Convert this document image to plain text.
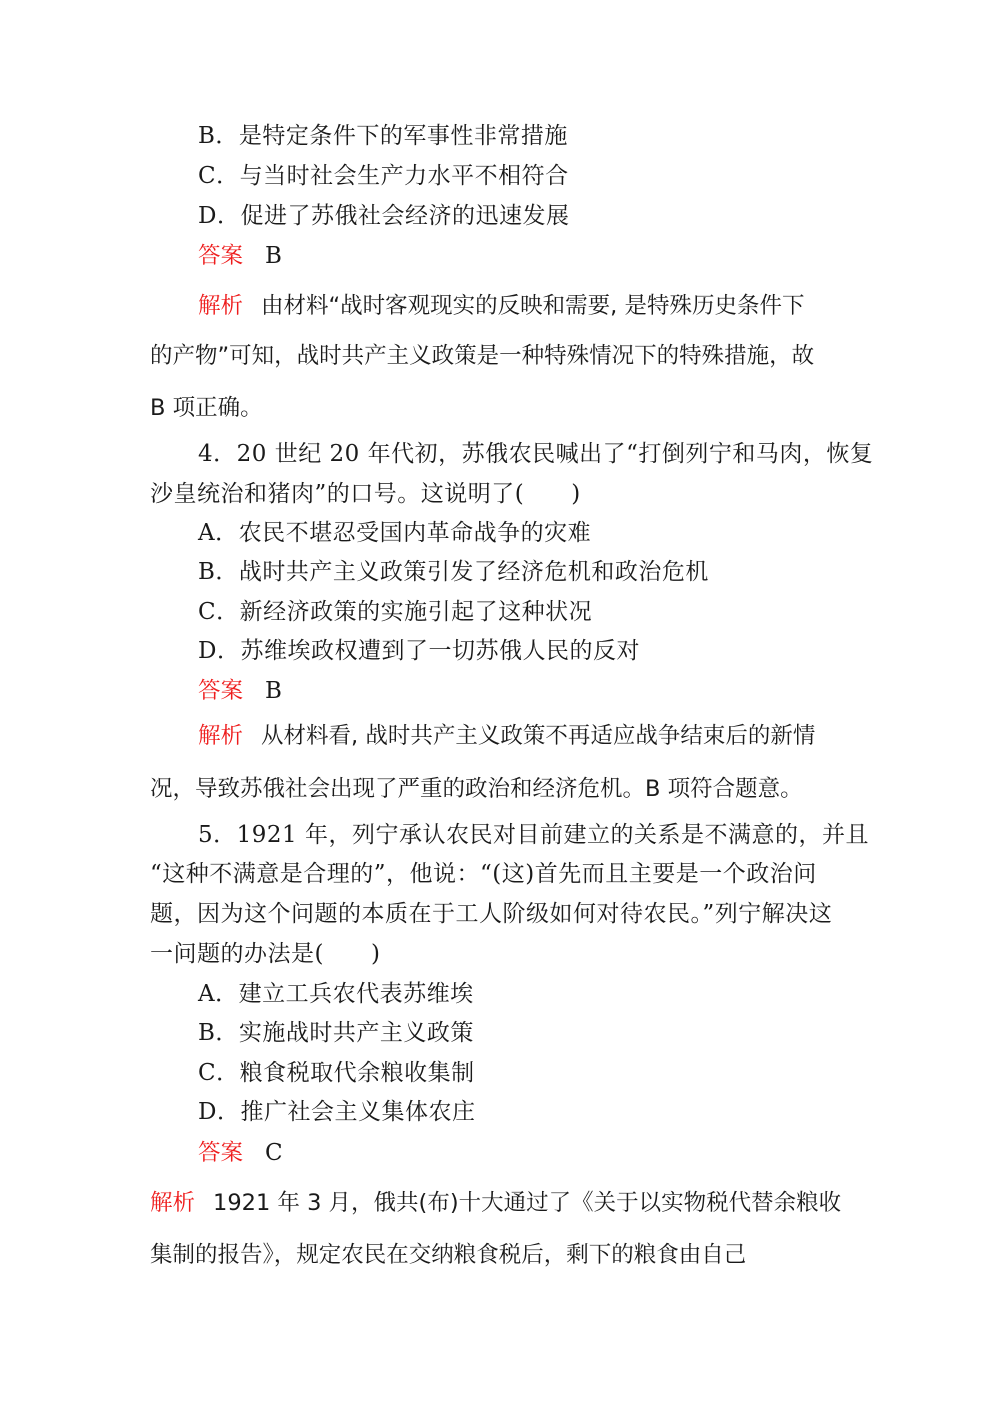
B．是特定条件下的军事性非常措施
C．与当时社会生产力水平不相符合
D．促进了苏俄社会经济的迅速发展
答案 B
解析 由材料“战时客观现实的反映和需要, 是特殊历史条件下
的产物”可知，战时共产主义政策是一种特殊情况下的特殊措施，故
B 项正确。
4．20 世纪 20 年代初，苏俄农民喊出了“打倒列宁和马肉，恢复
沙皇统治和猪肉”的口号。这说明了(　　)
A．农民不堪忍受国内革命战争的灾难
B．战时共产主义政策引发了经济危机和政治危机
C．新经济政策的实施引起了这种状况
D．苏维埃政权遭到了一切苏俄人民的反对
答案 B
解析 从材料看, 战时共产主义政策不再适应战争结束后的新情
况，导致苏俄社会出现了严重的政治和经济危机。B 项符合题意。
5．1921 年，列宁承认农民对目前建立的关系是不满意的，并且
“这种不满意是合理的”，他说：“(这)首先而且主要是一个政治问
题，因为这个问题的本质在于工人阶级如何对待农民。”列宁解决这
一问题的办法是(　　)
A．建立工兵农代表苏维埃
B．实施战时共产主义政策
C．粮食税取代余粮收集制
D．推广社会主义集体农庄
答案 C
解析 1921 年 3 月，俄共(布)十大通过了《关于以实物税代替余粮收
集制的报告》，规定农民在交纳粮食税后，剩下的粮食由自己
